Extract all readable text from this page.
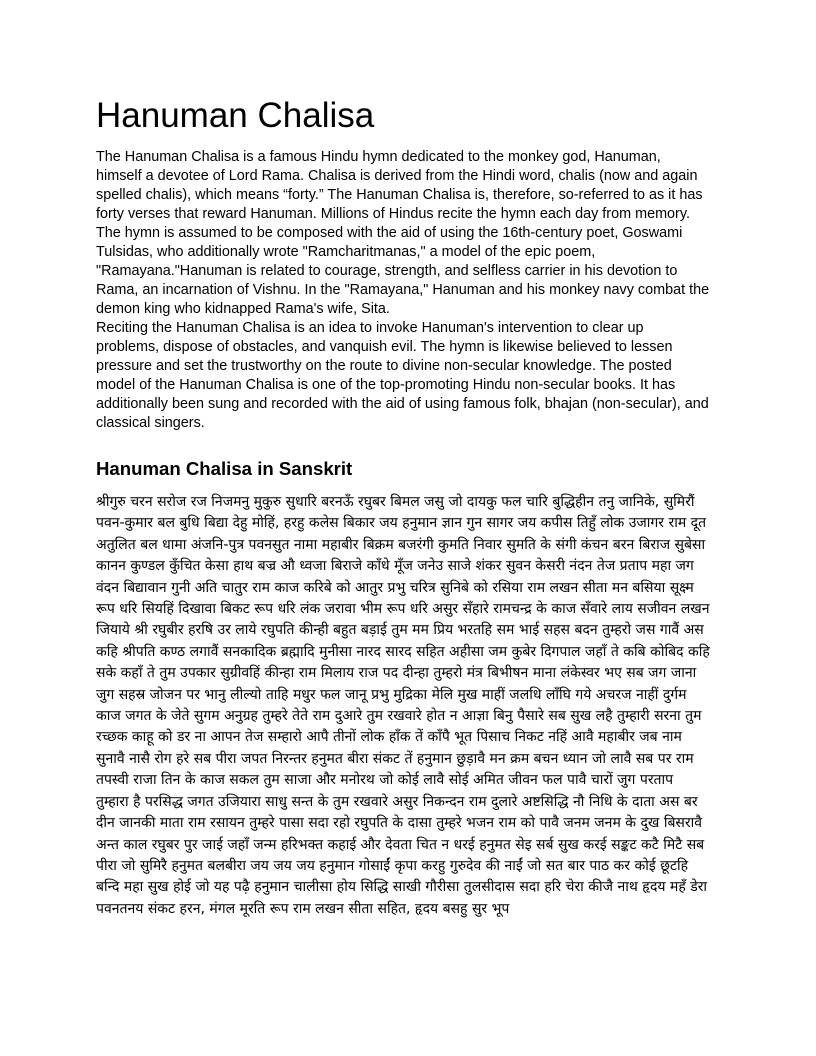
Hanuman Chalisa

The Hanuman Chalisa is a famous Hindu hymn dedicated to the monkey god, Hanuman, himself a devotee of Lord Rama. Chalisa is derived from the Hindi word, chalis (now and again spelled chalis), which means “forty.” The Hanuman Chalisa is, therefore, so-referred to as it has forty verses that reward Hanuman. Millions of Hindus recite the hymn each day from memory. The hymn is assumed to be composed with the aid of using the 16th-century poet, Goswami Tulsidas, who additionally wrote "Ramcharitmanas," a model of the epic poem, "Ramayana."Hanuman is related to courage, strength, and selfless carrier in his devotion to Rama, an incarnation of Vishnu. In the "Ramayana," Hanuman and his monkey navy combat the demon king who kidnapped Rama's wife, Sita.

Reciting the Hanuman Chalisa is an idea to invoke Hanuman's intervention to clear up problems, dispose of obstacles, and vanquish evil. The hymn is likewise believed to lessen pressure and set the trustworthy on the route to divine non-secular knowledge. The posted model of the Hanuman Chalisa is one of the top-promoting Hindu non-secular books. It has additionally been sung and recorded with the aid of using famous folk, bhajan (non-secular), and classical singers.

Hanuman Chalisa in Sanskrit

श्रीगुरु चरन सरोज रज निजमनु मुकुरु सुधारि बरनऊँ रघुबर बिमल जसु जो दायकु फल चारि बुद्धिहीन तनु जानिके, सुमिरौं पवन-कुमार बल बुधि बिद्या देहु मोहिं, हरहु कलेस बिकार जय हनुमान ज्ञान गुन सागर जय कपीस तिहुँ लोक उजागर राम दूत अतुलित बल धामा अंजनि-पुत्र पवनसुत नामा महाबीर बिक्रम बजरंगी कुमति निवार सुमति के संगी कंचन बरन बिराज सुबेसा कानन कुण्डल कुँचित केसा हाथ बज्र औ ध्वजा बिराजे काँधे मूँज जनेउ साजे शंकर सुवन केसरी नंदन तेज प्रताप महा जग वंदन बिद्यावान गुनी अति चातुर राम काज करिबे को आतुर प्रभु चरित्र सुनिबे को रसिया राम लखन सीता मन बसिया सूक्ष्म रूप धरि सियहिं दिखावा बिकट रूप धरि लंक जरावा भीम रूप धरि असुर सँहारे रामचन्द्र के काज सँवारे लाय सजीवन लखन जियाये श्री रघुबीर हरषि उर लाये रघुपति कीन्ही बहुत बड़ाई तुम मम प्रिय भरतहि सम भाई सहस बदन तुम्हरो जस गावैं अस कहि श्रीपति कण्ठ लगावैं सनकादिक ब्रह्मादि मुनीसा नारद सारद सहित अहीसा जम कुबेर दिगपाल जहाँ ते कबि कोबिद कहि सके कहाँ ते तुम उपकार सुग्रीवहिं कीन्हा राम मिलाय राज पद दीन्हा तुम्हरो मंत्र बिभीषन माना लंकेस्वर भए सब जग जाना जुग सहस्र जोजन पर भानु लील्यो ताहि मधुर फल जानू प्रभु मुद्रिका मेलि मुख माहीं जलधि लाँघि गये अचरज नाहीं दुर्गम काज जगत के जेते सुगम अनुग्रह तुम्हरे तेते राम दुआरे तुम रखवारे होत न आज्ञा बिनु पैसारे सब सुख लहै तुम्हारी सरना तुम रच्छक काहू को डर ना आपन तेज सम्हारो आपै तीनों लोक हाँक तें काँपै भूत पिसाच निकट नहिं आवै महाबीर जब नाम सुनावै नासै रोग हरे सब पीरा जपत निरन्तर हनुमत बीरा संकट तें हनुमान छुड़ावै मन क्रम बचन ध्यान जो लावै सब पर राम तपस्वी राजा तिन के काज सकल तुम साजा और मनोरथ जो कोई लावै सोई अमित जीवन फल पावै चारों जुग परताप तुम्हारा है परसिद्ध जगत उजियारा साधु सन्त के तुम रखवारे असुर निकन्दन राम दुलारे अष्टसिद्धि नौ निधि के दाता अस बर दीन जानकी माता राम रसायन तुम्हरे पासा सदा रहो रघुपति के दासा तुम्हरे भजन राम को पावै जनम जनम के दुख बिसरावै अन्त काल रघुबर पुर जाई जहाँ जन्म हरिभक्त कहाई और देवता चित न धरई हनुमत सेइ सर्ब सुख करई सङ्कट कटै मिटै सब पीरा जो सुमिरै हनुमत बलबीरा जय जय जय हनुमान गोसाईं कृपा करहु गुरुदेव की नाईं जो सत बार पाठ कर कोई छूटहि बन्दि महा सुख होई जो यह पढ़ै हनुमान चालीसा होय सिद्धि साखी गौरीसा तुलसीदास सदा हरि चेरा कीजै नाथ हृदय महँ डेरा पवनतनय संकट हरन, मंगल मूरति रूप राम लखन सीता सहित, हृदय बसहु सुर भूप
